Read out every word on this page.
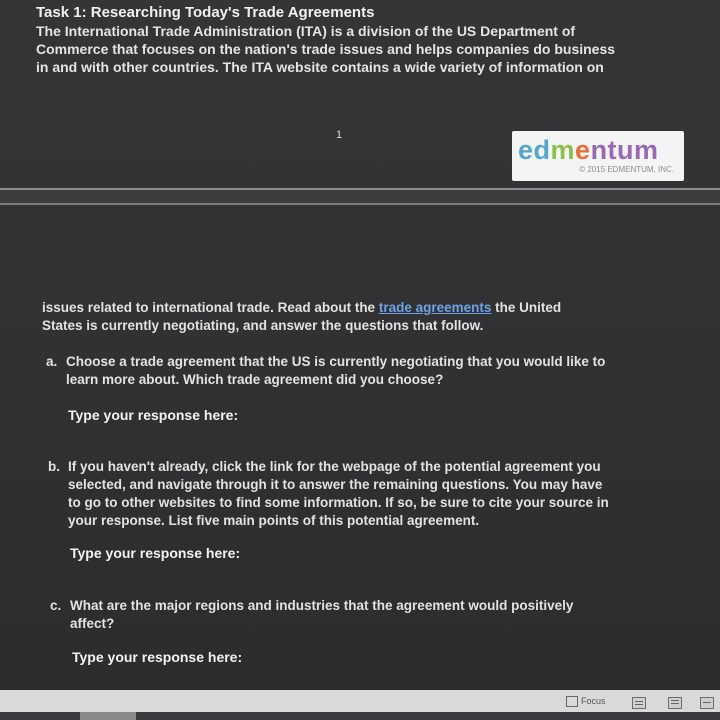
Task 1: Researching Today's Trade Agreements
The International Trade Administration (ITA) is a division of the US Department of
Commerce that focuses on the nation's trade issues and helps companies do business
in and with other countries. The ITA website contains a wide variety of information on
1	edmentum
© 2015 EDMENTUM, INC.
issues related to international trade. Read about the trade agreements the United
States is currently negotiating, and answer the questions that follow.
a. Choose a trade agreement that the US is currently negotiating that you would like to
learn more about. Which trade agreement did you choose?
Type your response here:
b. If you haven't already, click the link for the webpage of the potential agreement you
selected, and navigate through it to answer the remaining questions. You may have
to go to other websites to find some information. If so, be sure to cite your source in
your response. List five main points of this potential agreement.
Type your response here:
c. What are the major regions and industries that the agreement would positively
affect?
Type your response here:
Focus
